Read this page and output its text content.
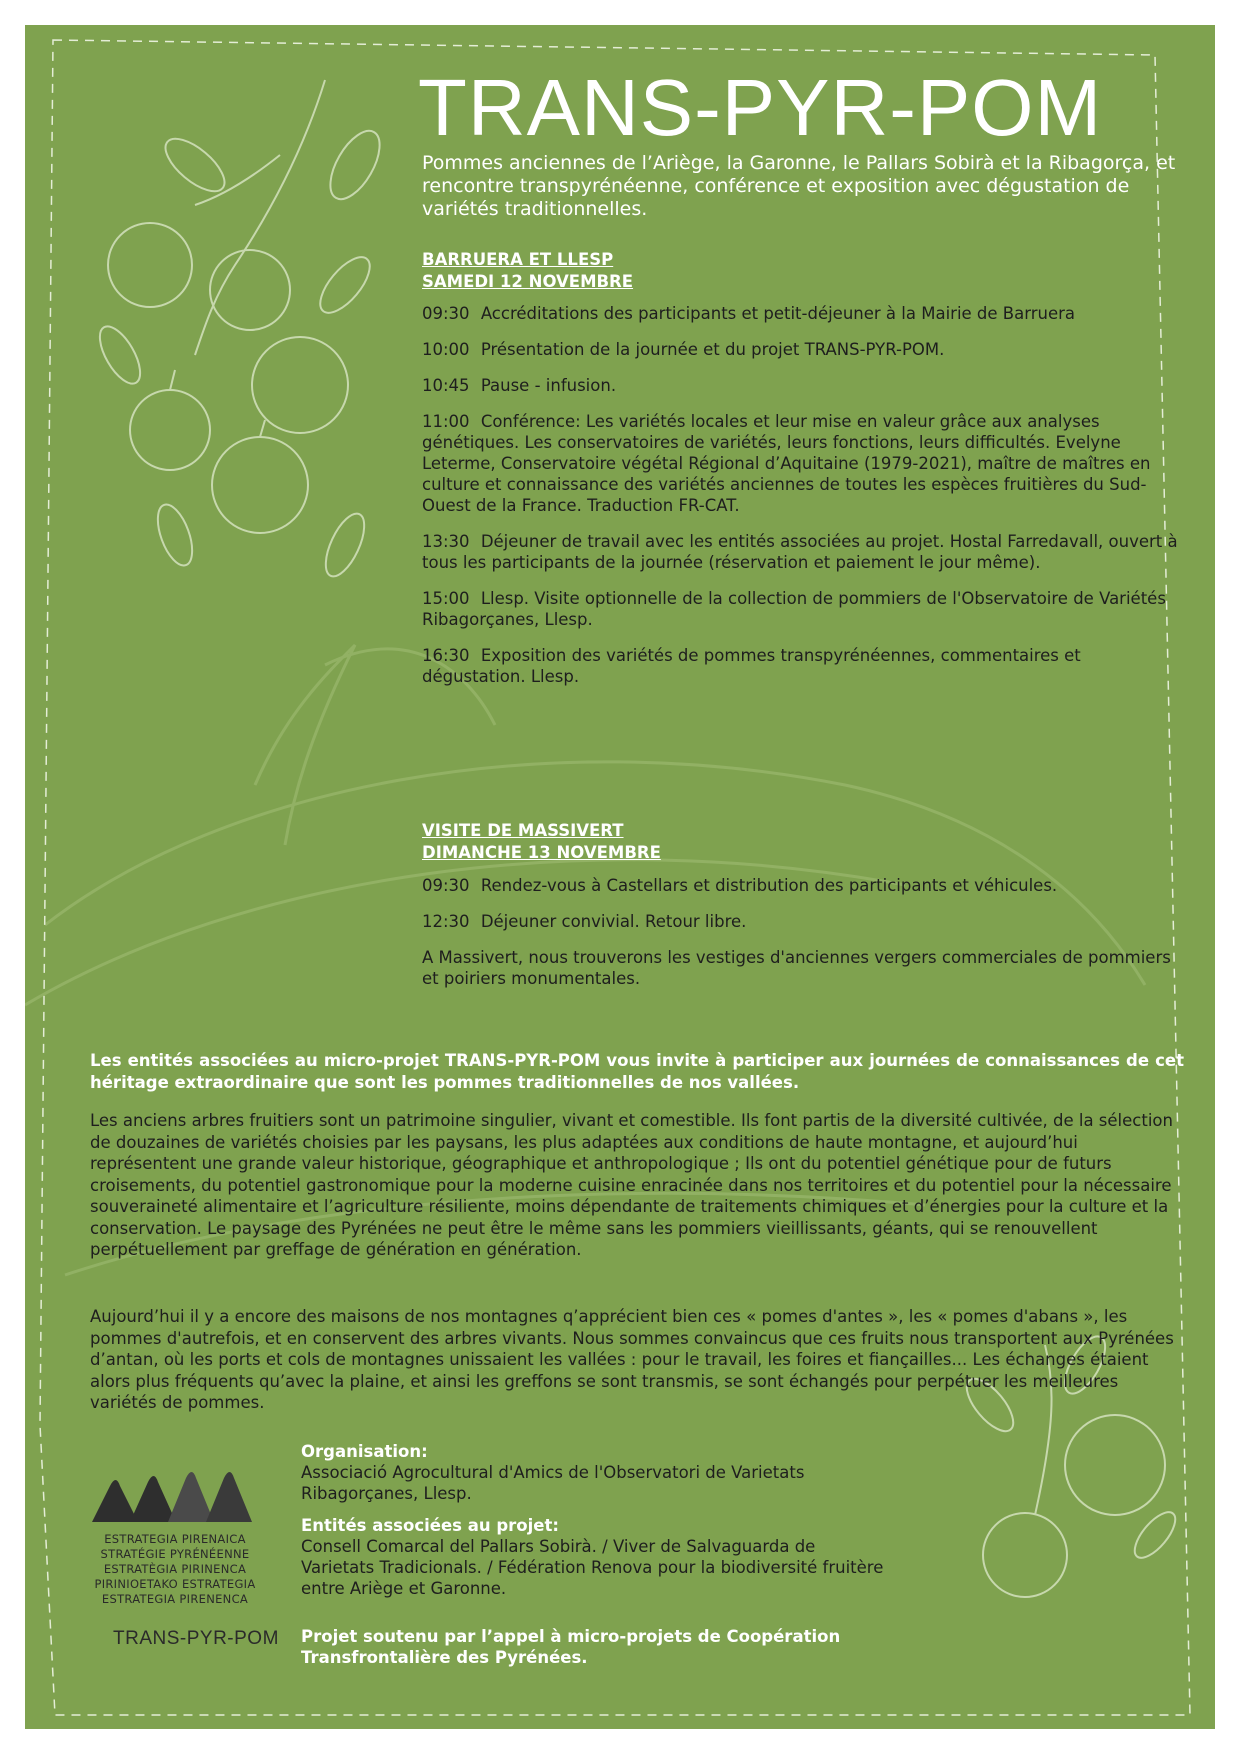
TRANS-PYR-POM

Pommes anciennes de l’Ariège, la Garonne, le Pallars Sobirà et la Ribagorça, et rencontre transpyrénéenne, conférence et exposition avec dégustation de variétés traditionnelles.

BARRUERA ET LLESP
SAMEDI 12 NOVEMBRE
09:30 Accréditations des participants et petit-déjeuner à la Mairie de Barruera
10:00 Présentation de la journée et du projet TRANS-PYR-POM.
10:45 Pause - infusion.
11:00 Conférence: Les variétés locales et leur mise en valeur grâce aux analyses génétiques. Les conservatoires de variétés, leurs fonctions, leurs difficultés. Evelyne Leterme, Conservatoire végétal Régional d’Aquitaine (1979-2021), maître de maîtres en culture et connaissance des variétés anciennes de toutes les espèces fruitières du Sud-Ouest de la France. Traduction FR-CAT.
13:30 Déjeuner de travail avec les entités associées au projet. Hostal Farredavall, ouvert à tous les participants de la journée (réservation et paiement le jour même).
15:00 Llesp. Visite optionnelle de la collection de pommiers de l'Observatoire de Variétés Ribagorçanes, Llesp.
16:30 Exposition des variétés de pommes transpyrénéennes, commentaires et dégustation. Llesp.
VISITE DE MASSIVERT
DIMANCHE 13 NOVEMBRE
09:30 Rendez-vous à Castellars et distribution des participants et véhicules.
12:30 Déjeuner convivial. Retour libre.
A Massivert, nous trouverons les vestiges d'anciennes vergers commerciales de pommiers et poiriers monumentales.

Les entités associées au micro-projet TRANS-PYR-POM vous invite à participer aux journées de connaissances de cet héritage extraordinaire que sont les pommes traditionnelles de nos vallées.

Les anciens arbres fruitiers sont un patrimoine singulier, vivant et comestible. Ils font partis de la diversité cultivée, de la sélection de douzaines de variétés choisies par les paysans, les plus adaptées aux conditions de haute montagne, et aujourd’hui représentent une grande valeur historique, géographique et anthropologique ; Ils ont du potentiel génétique pour de futurs croisements, du potentiel gastronomique pour la moderne cuisine enracinée dans nos territoires et du potentiel pour la nécessaire souveraineté alimentaire et l’agriculture résiliente, moins dépendante de traitements chimiques et d’énergies pour la culture et la conservation. Le paysage des Pyrénées ne peut être le même sans les pommiers vieillissants, géants, qui se renouvellent perpétuellement par greffage de génération en génération.

Aujourd’hui il y a encore des maisons de nos montagnes q’apprécient bien ces « pomes d'antes », les « pomes d'abans », les pommes d'autrefois, et en conservent des arbres vivants. Nous sommes convaincus que ces fruits nous transportent aux Pyrénées d’antan, où les ports et cols de montagnes unissaient les vallées : pour le travail, les foires et fiançailles... Les échanges étaient alors plus fréquents qu’avec la plaine, et ainsi les greffons se sont transmis, se sont échangés pour perpétuer les meilleures variétés de pommes.

ESTRATEGIA PIRENAICA
STRATÉGIE PYRÉNÉENNE
ESTRATÈGIA PIRINENCA
PIRINIOETAKO ESTRATEGIA
ESTRATEGIA PIRENENCA

TRANS-PYR-POM

Organisation:

Associació Agrocultural d'Amics de l'Observatori de Varietats Ribagorçanes, Llesp.

Entités associées au projet:

Consell Comarcal del Pallars Sobirà. / Viver de Salvaguarda de Varietats Tradicionals. / Fédération Renova pour la biodiversité fruitère entre Ariège et Garonne.

Projet soutenu par l’appel à micro-projets de Coopération Transfrontalière des Pyrénées.
